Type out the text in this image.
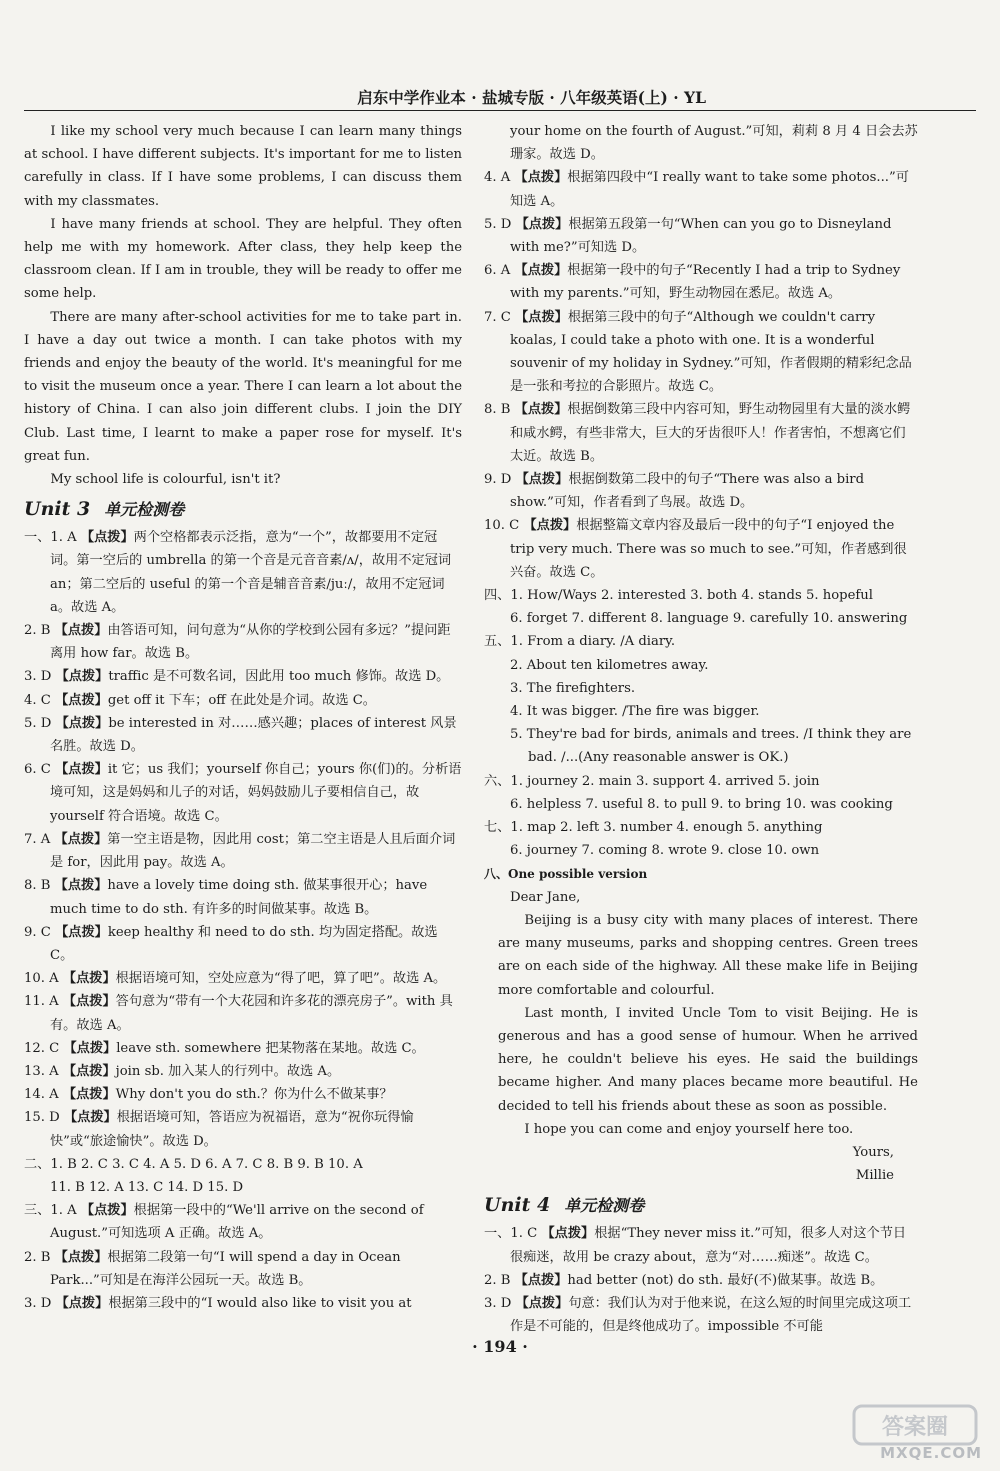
启东中学作业本 · 盐城专版 · 八年级英语(上) · YL

I like my school very much because I can learn many things at school. I have different subjects. It's important for me to listen carefully in class. If I have some problems, I can discuss them with my classmates.

I have many friends at school. They are helpful. They often help me with my homework. After class, they help keep the classroom clean. If I am in trouble, they will be ready to offer me some help.

There are many after-school activities for me to take part in. I have a day out twice a month. I can take photos with my friends and enjoy the beauty of the world. It's meaningful for me to visit the museum once a year. There I can learn a lot about the history of China. I can also join different clubs. I join the DIY Club. Last time, I learnt to make a paper rose for myself. It's great fun.

My school life is colourful, isn't it?

Unit 3 单元检测卷

一、1. A 【点拨】两个空格都表示泛指，意为“一个”，故都要用不定冠词。第一空后的 umbrella 的第一个音是元音音素/ʌ/，故用不定冠词 an；第二空后的 useful 的第一个音是辅音音素/juː/，故用不定冠词 a。故选 A。

2. B 【点拨】由答语可知，问句意为“从你的学校到公园有多远？”提问距离用 how far。故选 B。

3. D 【点拨】traffic 是不可数名词，因此用 too much 修饰。故选 D。

4. C 【点拨】get off it 下车；off 在此处是介词。故选 C。

5. D 【点拨】be interested in 对……感兴趣；places of interest 风景名胜。故选 D。

6. C 【点拨】it 它；us 我们；yourself 你自己；yours 你(们)的。分析语境可知，这是妈妈和儿子的对话，妈妈鼓励儿子要相信自己，故 yourself 符合语境。故选 C。

7. A 【点拨】第一空主语是物，因此用 cost；第二空主语是人且后面介词是 for，因此用 pay。故选 A。

8. B 【点拨】have a lovely time doing sth. 做某事很开心；have much time to do sth. 有许多的时间做某事。故选 B。

9. C 【点拨】keep healthy 和 need to do sth. 均为固定搭配。故选 C。

10. A 【点拨】根据语境可知，空处应意为“得了吧，算了吧”。故选 A。

11. A 【点拨】答句意为“带有一个大花园和许多花的漂亮房子”。with 具有。故选 A。

12. C 【点拨】leave sth. somewhere 把某物落在某地。故选 C。

13. A 【点拨】join sb. 加入某人的行列中。故选 A。

14. A 【点拨】Why don't you do sth.？你为什么不做某事？

15. D 【点拨】根据语境可知，答语应为祝福语，意为“祝你玩得愉快”或“旅途愉快”。故选 D。

二、1. B 2. C 3. C 4. A 5. D 6. A 7. C 8. B 9. B 10. A

11. B 12. A 13. C 14. D 15. D

三、1. A 【点拨】根据第一段中的“We'll arrive on the second of August.”可知选项 A 正确。故选 A。

2. B 【点拨】根据第二段第一句“I will spend a day in Ocean Park...”可知是在海洋公园玩一天。故选 B。

3. D 【点拨】根据第三段中的“I would also like to visit you at

your home on the fourth of August.”可知，莉莉 8 月 4 日会去苏珊家。故选 D。

4. A 【点拨】根据第四段中“I really want to take some photos...”可知选 A。

5. D 【点拨】根据第五段第一句“When can you go to Disneyland with me?”可知选 D。

6. A 【点拨】根据第一段中的句子“Recently I had a trip to Sydney with my parents.”可知，野生动物园在悉尼。故选 A。

7. C 【点拨】根据第三段中的句子“Although we couldn't carry koalas, I could take a photo with one. It is a wonderful souvenir of my holiday in Sydney.”可知，作者假期的精彩纪念品是一张和考拉的合影照片。故选 C。

8. B 【点拨】根据倒数第三段中内容可知，野生动物园里有大量的淡水鳄和咸水鳄，有些非常大，巨大的牙齿很吓人！作者害怕，不想离它们太近。故选 B。

9. D 【点拨】根据倒数第二段中的句子“There was also a bird show.”可知，作者看到了鸟展。故选 D。

10. C 【点拨】根据整篇文章内容及最后一段中的句子“I enjoyed the trip very much. There was so much to see.”可知，作者感到很兴奋。故选 C。

四、1. How/Ways 2. interested 3. both 4. stands 5. hopeful

6. forget 7. different 8. language 9. carefully 10. answering

五、1. From a diary. /A diary.

2. About ten kilometres away.

3. The firefighters.

4. It was bigger. /The fire was bigger.

5. They're bad for birds, animals and trees. /I think they are bad. /...(Any reasonable answer is OK.)

六、1. journey 2. main 3. support 4. arrived 5. join

6. helpless 7. useful 8. to pull 9. to bring 10. was cooking

七、1. map 2. left 3. number 4. enough 5. anything

6. journey 7. coming 8. wrote 9. close 10. own

八、One possible version

Dear Jane,

Beijing is a busy city with many places of interest. There are many museums, parks and shopping centres. Green trees are on each side of the highway. All these make life in Beijing more comfortable and colourful.

Last month, I invited Uncle Tom to visit Beijing. He is generous and has a good sense of humour. When he arrived here, he couldn't believe his eyes. He said the buildings became higher. And many places became more beautiful. He decided to tell his friends about these as soon as possible.

I hope you can come and enjoy yourself here too.

Yours,

Millie

Unit 4 单元检测卷

一、1. C 【点拨】根据“They never miss it.”可知，很多人对这个节日很痴迷，故用 be crazy about，意为“对……痴迷”。故选 C。

2. B 【点拨】had better (not) do sth. 最好(不)做某事。故选 B。

3. D 【点拨】句意：我们认为对于他来说，在这么短的时间里完成这项工作是不可能的，但是终他成功了。impossible 不可能

· 194 ·
答案圈
MXQE.COM
